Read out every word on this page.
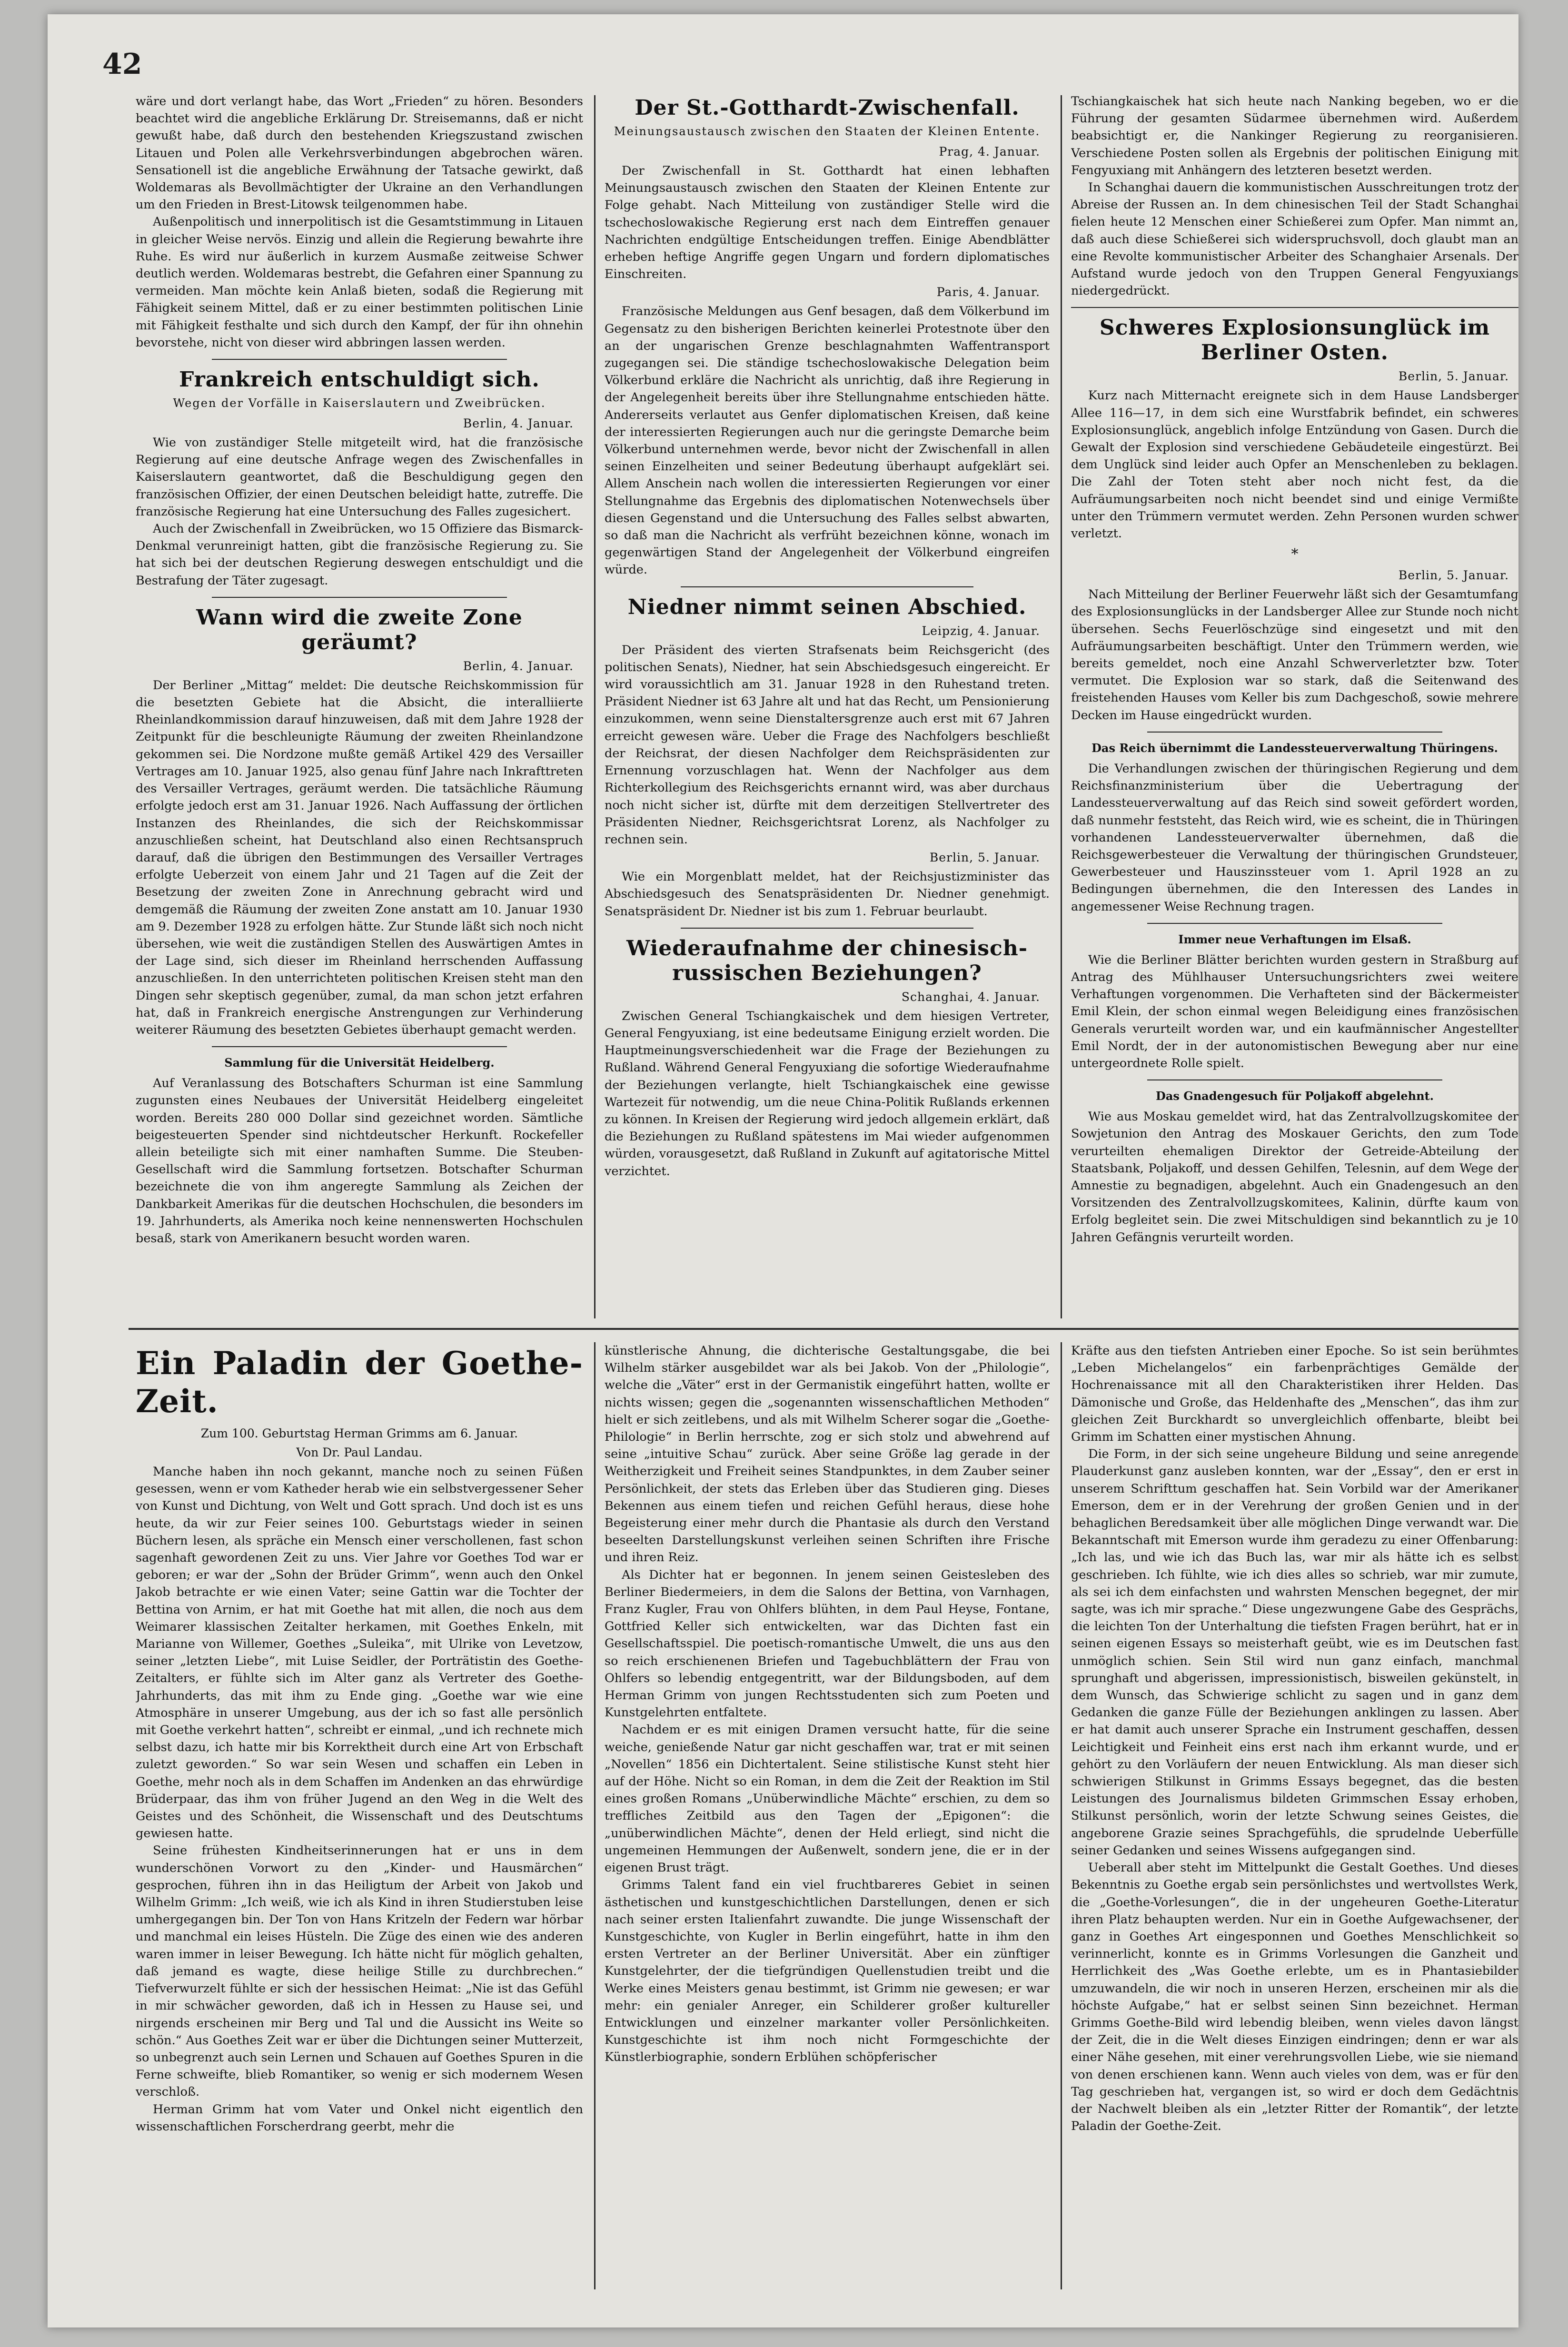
42

wäre und dort verlangt habe, das Wort „Frieden“ zu hören. Besonders beachtet wird die angebliche Erklärung Dr. Streisemanns, daß er nicht gewußt habe, daß durch den bestehenden Kriegszustand zwischen Litauen und Polen alle Verkehrsverbindungen abgebrochen wären. Sensationell ist die angebliche Erwähnung der Tatsache gewirkt, daß Woldemaras als Bevollmächtigter der Ukraine an den Verhandlungen um den Frieden in Brest-Litowsk teilgenommen habe.

Außenpolitisch und innerpolitisch ist die Gesamtstimmung in Litauen in gleicher Weise nervös. Einzig und allein die Regierung bewahrte ihre Ruhe. Es wird nur äußerlich in kurzem Ausmaße zeitweise Schwer deutlich werden. Woldemaras bestrebt, die Gefahren einer Spannung zu vermeiden. Man möchte kein Anlaß bieten, sodaß die Regierung mit Fähigkeit seinem Mittel, daß er zu einer bestimmten politischen Linie mit Fähigkeit festhalte und sich durch den Kampf, der für ihn ohnehin bevorstehe, nicht von dieser wird abbringen lassen werden.

Frankreich entschuldigt sich.
Wegen der Vorfälle in Kaiserslautern und Zweibrücken.
Berlin, 4. Januar.

Wie von zuständiger Stelle mitgeteilt wird, hat die französische Regierung auf eine deutsche Anfrage wegen des Zwischenfalles in Kaiserslautern geantwortet, daß die Beschuldigung gegen den französischen Offizier, der einen Deutschen beleidigt hatte, zutreffe. Die französische Regierung hat eine Untersuchung des Falles zugesichert.

Auch der Zwischenfall in Zweibrücken, wo 15 Offiziere das Bismarck-Denkmal verunreinigt hatten, gibt die französische Regierung zu. Sie hat sich bei der deutschen Regierung deswegen entschuldigt und die Bestrafung der Täter zugesagt.

Wann wird die zweite Zone geräumt?
Berlin, 4. Januar.

Der Berliner „Mittag“ meldet: Die deutsche Reichskommission für die besetzten Gebiete hat die Absicht, die interalliierte Rheinlandkommission darauf hinzuweisen, daß mit dem Jahre 1928 der Zeitpunkt für die beschleunigte Räumung der zweiten Rheinlandzone gekommen sei. Die Nordzone mußte gemäß Artikel 429 des Versailler Vertrages am 10. Januar 1925, also genau fünf Jahre nach Inkrafttreten des Versailler Vertrages, geräumt werden. Die tatsächliche Räumung erfolgte jedoch erst am 31. Januar 1926. Nach Auffassung der örtlichen Instanzen des Rheinlandes, die sich der Reichskommissar anzuschließen scheint, hat Deutschland also einen Rechtsanspruch darauf, daß die übrigen den Bestimmungen des Versailler Vertrages erfolgte Ueberzeit von einem Jahr und 21 Tagen auf die Zeit der Besetzung der zweiten Zone in Anrechnung gebracht wird und demgemäß die Räumung der zweiten Zone anstatt am 10. Januar 1930 am 9. Dezember 1928 zu erfolgen hätte. Zur Stunde läßt sich noch nicht übersehen, wie weit die zuständigen Stellen des Auswärtigen Amtes in der Lage sind, sich dieser im Rheinland herrschenden Auffassung anzuschließen. In den unterrichteten politischen Kreisen steht man den Dingen sehr skeptisch gegenüber, zumal, da man schon jetzt erfahren hat, daß in Frankreich energische Anstrengungen zur Verhinderung weiterer Räumung des besetzten Gebietes überhaupt gemacht werden.

Sammlung für die Universität Heidelberg.

Auf Veranlassung des Botschafters Schurman ist eine Sammlung zugunsten eines Neubaues der Universität Heidelberg eingeleitet worden. Bereits 280 000 Dollar sind gezeichnet worden. Sämtliche beigesteuerten Spender sind nichtdeutscher Herkunft. Rockefeller allein beteiligte sich mit einer namhaften Summe. Die Steuben-Gesellschaft wird die Sammlung fortsetzen. Botschafter Schurman bezeichnete die von ihm angeregte Sammlung als Zeichen der Dankbarkeit Amerikas für die deutschen Hochschulen, die besonders im 19. Jahrhunderts, als Amerika noch keine nennenswerten Hochschulen besaß, stark von Amerikanern besucht worden waren.

Der St.-Gotthardt-Zwischenfall.
Meinungsaustausch zwischen den Staaten der Kleinen Entente.
Prag, 4. Januar.

Der Zwischenfall in St. Gotthardt hat einen lebhaften Meinungsaustausch zwischen den Staaten der Kleinen Entente zur Folge gehabt. Nach Mitteilung von zuständiger Stelle wird die tschechoslowakische Regierung erst nach dem Eintreffen genauer Nachrichten endgültige Entscheidungen treffen. Einige Abendblätter erheben heftige Angriffe gegen Ungarn und fordern diplomatisches Einschreiten.

Paris, 4. Januar.

Französische Meldungen aus Genf besagen, daß dem Völkerbund im Gegensatz zu den bisherigen Berichten keinerlei Protestnote über den an der ungarischen Grenze beschlagnahmten Waffentransport zugegangen sei. Die ständige tschechoslowakische Delegation beim Völkerbund erkläre die Nachricht als unrichtig, daß ihre Regierung in der Angelegenheit bereits über ihre Stellungnahme entschieden hätte. Andererseits verlautet aus Genfer diplomatischen Kreisen, daß keine der interessierten Regierungen auch nur die geringste Demarche beim Völkerbund unternehmen werde, bevor nicht der Zwischenfall in allen seinen Einzelheiten und seiner Bedeutung überhaupt aufgeklärt sei. Allem Anschein nach wollen die interessierten Regierungen vor einer Stellungnahme das Ergebnis des diplomatischen Notenwechsels über diesen Gegenstand und die Untersuchung des Falles selbst abwarten, so daß man die Nachricht als verfrüht bezeichnen könne, wonach im gegenwärtigen Stand der Angelegenheit der Völkerbund eingreifen würde.

Niedner nimmt seinen Abschied.
Leipzig, 4. Januar.

Der Präsident des vierten Strafsenats beim Reichsgericht (des politischen Senats), Niedner, hat sein Abschiedsgesuch eingereicht. Er wird voraussichtlich am 31. Januar 1928 in den Ruhestand treten. Präsident Niedner ist 63 Jahre alt und hat das Recht, um Pensionierung einzukommen, wenn seine Dienstaltersgrenze auch erst mit 67 Jahren erreicht gewesen wäre. Ueber die Frage des Nachfolgers beschließt der Reichsrat, der diesen Nachfolger dem Reichspräsidenten zur Ernennung vorzuschlagen hat. Wenn der Nachfolger aus dem Richterkollegium des Reichsgerichts ernannt wird, was aber durchaus noch nicht sicher ist, dürfte mit dem derzeitigen Stellvertreter des Präsidenten Niedner, Reichsgerichtsrat Lorenz, als Nachfolger zu rechnen sein.

Berlin, 5. Januar.

Wie ein Morgenblatt meldet, hat der Reichsjustizminister das Abschiedsgesuch des Senatspräsidenten Dr. Niedner genehmigt. Senatspräsident Dr. Niedner ist bis zum 1. Februar beurlaubt.

Wiederaufnahme der chinesisch-russischen Beziehungen?
Schanghai, 4. Januar.

Zwischen General Tschiangkaischek und dem hiesigen Vertreter, General Fengyuxiang, ist eine bedeutsame Einigung erzielt worden. Die Hauptmeinungsverschiedenheit war die Frage der Beziehungen zu Rußland. Während General Fengyuxiang die sofortige Wiederaufnahme der Beziehungen verlangte, hielt Tschiangkaischek eine gewisse Wartezeit für notwendig, um die neue China-Politik Rußlands erkennen zu können. In Kreisen der Regierung wird jedoch allgemein erklärt, daß die Beziehungen zu Rußland spätestens im Mai wieder aufgenommen würden, vorausgesetzt, daß Rußland in Zukunft auf agitatorische Mittel verzichtet.

Tschiangkaischek hat sich heute nach Nanking begeben, wo er die Führung der gesamten Südarmee übernehmen wird. Außerdem beabsichtigt er, die Nankinger Regierung zu reorganisieren. Verschiedene Posten sollen als Ergebnis der politischen Einigung mit Fengyuxiang mit Anhängern des letzteren besetzt werden.

In Schanghai dauern die kommunistischen Ausschreitungen trotz der Abreise der Russen an. In dem chinesischen Teil der Stadt Schanghai fielen heute 12 Menschen einer Schießerei zum Opfer. Man nimmt an, daß auch diese Schießerei sich widerspruchsvoll, doch glaubt man an eine Revolte kommunistischer Arbeiter des Schanghaier Arsenals. Der Aufstand wurde jedoch von den Truppen General Fengyuxiangs niedergedrückt.

Schweres Explosionsunglück im Berliner Osten.
Berlin, 5. Januar.

Kurz nach Mitternacht ereignete sich in dem Hause Landsberger Allee 116—17, in dem sich eine Wurstfabrik befindet, ein schweres Explosionsunglück, angeblich infolge Entzündung von Gasen. Durch die Gewalt der Explosion sind verschiedene Gebäudeteile eingestürzt. Bei dem Unglück sind leider auch Opfer an Menschenleben zu beklagen. Die Zahl der Toten steht aber noch nicht fest, da die Aufräumungsarbeiten noch nicht beendet sind und einige Vermißte unter den Trümmern vermutet werden. Zehn Personen wurden schwer verletzt.

*
Berlin, 5. Januar.

Nach Mitteilung der Berliner Feuerwehr läßt sich der Gesamtumfang des Explosionsunglücks in der Landsberger Allee zur Stunde noch nicht übersehen. Sechs Feuerlöschzüge sind eingesetzt und mit den Aufräumungsarbeiten beschäftigt. Unter den Trümmern werden, wie bereits gemeldet, noch eine Anzahl Schwerverletzter bzw. Toter vermutet. Die Explosion war so stark, daß die Seitenwand des freistehenden Hauses vom Keller bis zum Dachgeschoß, sowie mehrere Decken im Hause eingedrückt wurden.

Das Reich übernimmt die Landessteuerverwaltung Thüringens.

Die Verhandlungen zwischen der thüringischen Regierung und dem Reichsfinanzministerium über die Uebertragung der Landessteuerverwaltung auf das Reich sind soweit gefördert worden, daß nunmehr feststeht, das Reich wird, wie es scheint, die in Thüringen vorhandenen Landessteuerverwalter übernehmen, daß die Reichsgewerbesteuer die Verwaltung der thüringischen Grundsteuer, Gewerbesteuer und Hauszinssteuer vom 1. April 1928 an zu Bedingungen übernehmen, die den Interessen des Landes in angemessener Weise Rechnung tragen.

Immer neue Verhaftungen im Elsaß.

Wie die Berliner Blätter berichten wurden gestern in Straßburg auf Antrag des Mühlhauser Untersuchungsrichters zwei weitere Verhaftungen vorgenommen. Die Verhafteten sind der Bäckermeister Emil Klein, der schon einmal wegen Beleidigung eines französischen Generals verurteilt worden war, und ein kaufmännischer Angestellter Emil Nordt, der in der autonomistischen Bewegung aber nur eine untergeordnete Rolle spielt.

Das Gnadengesuch für Poljakoff abgelehnt.

Wie aus Moskau gemeldet wird, hat das Zentralvollzugskomitee der Sowjetunion den Antrag des Moskauer Gerichts, den zum Tode verurteilten ehemaligen Direktor der Getreide-Abteilung der Staatsbank, Poljakoff, und dessen Gehilfen, Telesnin, auf dem Wege der Amnestie zu begnadigen, abgelehnt. Auch ein Gnadengesuch an den Vorsitzenden des Zentralvollzugskomitees, Kalinin, dürfte kaum von Erfolg begleitet sein. Die zwei Mitschuldigen sind bekanntlich zu je 10 Jahren Gefängnis verurteilt worden.

Ein Paladin der Goethe-Zeit.
Zum 100. Geburtstag Herman Grimms am 6. Januar.
Von Dr. Paul Landau.

Manche haben ihn noch gekannt, manche noch zu seinen Füßen gesessen, wenn er vom Katheder herab wie ein selbstvergessener Seher von Kunst und Dichtung, von Welt und Gott sprach. Und doch ist es uns heute, da wir zur Feier seines 100. Geburtstags wieder in seinen Büchern lesen, als spräche ein Mensch einer verschollenen, fast schon sagenhaft gewordenen Zeit zu uns. Vier Jahre vor Goethes Tod war er geboren; er war der „Sohn der Brüder Grimm“, wenn auch den Onkel Jakob betrachte er wie einen Vater; seine Gattin war die Tochter der Bettina von Arnim, er hat mit Goethe hat mit allen, die noch aus dem Weimarer klassischen Zeitalter herkamen, mit Goethes Enkeln, mit Marianne von Willemer, Goethes „Suleika“, mit Ulrike von Levetzow, seiner „letzten Liebe“, mit Luise Seidler, der Porträtistin des Goethe-Zeitalters, er fühlte sich im Alter ganz als Vertreter des Goethe-Jahrhunderts, das mit ihm zu Ende ging. „Goethe war wie eine Atmosphäre in unserer Umgebung, aus der ich so fast alle persönlich mit Goethe verkehrt hatten“, schreibt er einmal, „und ich rechnete mich selbst dazu, ich hatte mir bis Korrektheit durch eine Art von Erbschaft zuletzt geworden.“ So war sein Wesen und schaffen ein Leben in Goethe, mehr noch als in dem Schaffen im Andenken an das ehrwürdige Brüderpaar, das ihm von früher Jugend an den Weg in die Welt des Geistes und des Schönheit, die Wissenschaft und des Deutschtums gewiesen hatte.

Seine frühesten Kindheitserinnerungen hat er uns in dem wunderschönen Vorwort zu den „Kinder- und Hausmärchen“ gesprochen, führen ihn in das Heiligtum der Arbeit von Jakob und Wilhelm Grimm: „Ich weiß, wie ich als Kind in ihren Studierstuben leise umhergegangen bin. Der Ton von Hans Kritzeln der Federn war hörbar und manchmal ein leises Hüsteln. Die Züge des einen wie des anderen waren immer in leiser Bewegung. Ich hätte nicht für möglich gehalten, daß jemand es wagte, diese heilige Stille zu durchbrechen.“ Tiefverwurzelt fühlte er sich der hessischen Heimat: „Nie ist das Gefühl in mir schwächer geworden, daß ich in Hessen zu Hause sei, und nirgends erscheinen mir Berg und Tal und die Aussicht ins Weite so schön.“ Aus Goethes Zeit war er über die Dichtungen seiner Mutterzeit, so unbegrenzt auch sein Lernen und Schauen auf Goethes Spuren in die Ferne schweifte, blieb Romantiker, so wenig er sich modernem Wesen verschloß.

Herman Grimm hat vom Vater und Onkel nicht eigentlich den wissenschaftlichen Forscherdrang geerbt, mehr die

künstlerische Ahnung, die dichterische Gestaltungsgabe, die bei Wilhelm stärker ausgebildet war als bei Jakob. Von der „Philologie“, welche die „Väter“ erst in der Germanistik eingeführt hatten, wollte er nichts wissen; gegen die „sogenannten wissenschaftlichen Methoden“ hielt er sich zeitlebens, und als mit Wilhelm Scherer sogar die „Goethe-Philologie“ in Berlin herrschte, zog er sich stolz und abwehrend auf seine „intuitive Schau“ zurück. Aber seine Größe lag gerade in der Weitherzigkeit und Freiheit seines Standpunktes, in dem Zauber seiner Persönlichkeit, der stets das Erleben über das Studieren ging. Dieses Bekennen aus einem tiefen und reichen Gefühl heraus, diese hohe Begeisterung einer mehr durch die Phantasie als durch den Verstand beseelten Darstellungskunst verleihen seinen Schriften ihre Frische und ihren Reiz.

Als Dichter hat er begonnen. In jenem seinen Geistesleben des Berliner Biedermeiers, in dem die Salons der Bettina, von Varnhagen, Franz Kugler, Frau von Ohlfers blühten, in dem Paul Heyse, Fontane, Gottfried Keller sich entwickelten, war das Dichten fast ein Gesellschaftsspiel. Die poetisch-romantische Umwelt, die uns aus den so reich erschienenen Briefen und Tagebuchblättern der Frau von Ohlfers so lebendig entgegentritt, war der Bildungsboden, auf dem Herman Grimm von jungen Rechtsstudenten sich zum Poeten und Kunstgelehrten entfaltete.

Nachdem er es mit einigen Dramen versucht hatte, für die seine weiche, genießende Natur gar nicht geschaffen war, trat er mit seinen „Novellen“ 1856 ein Dichtertalent. Seine stilistische Kunst steht hier auf der Höhe. Nicht so ein Roman, in dem die Zeit der Reaktion im Stil eines großen Romans „Unüberwindliche Mächte“ erschien, zu dem so treffliches Zeitbild aus den Tagen der „Epigonen“: die „unüberwindlichen Mächte“, denen der Held erliegt, sind nicht die ungemeinen Hemmungen der Außenwelt, sondern jene, die er in der eigenen Brust trägt.

Grimms Talent fand ein viel fruchtbareres Gebiet in seinen ästhetischen und kunstgeschichtlichen Darstellungen, denen er sich nach seiner ersten Italienfahrt zuwandte. Die junge Wissenschaft der Kunstgeschichte, von Kugler in Berlin eingeführt, hatte in ihm den ersten Vertreter an der Berliner Universität. Aber ein zünftiger Kunstgelehrter, der die tiefgründigen Quellenstudien treibt und die Werke eines Meisters genau bestimmt, ist Grimm nie gewesen; er war mehr: ein genialer Anreger, ein Schilderer großer kultureller Entwicklungen und einzelner markanter voller Persönlichkeiten. Kunstgeschichte ist ihm noch nicht Formgeschichte der Künstlerbiographie, sondern Erblühen schöpferischer

Kräfte aus den tiefsten Antrieben einer Epoche. So ist sein berühmtes „Leben Michelangelos“ ein farbenprächtiges Gemälde der Hochrenaissance mit all den Charakteristiken ihrer Helden. Das Dämonische und Große, das Heldenhafte des „Menschen“, das ihm zur gleichen Zeit Burckhardt so unvergleichlich offenbarte, bleibt bei Grimm im Schatten einer mystischen Ahnung.

Die Form, in der sich seine ungeheure Bildung und seine anregende Plauderkunst ganz ausleben konnten, war der „Essay“, den er erst in unserem Schrifttum geschaffen hat. Sein Vorbild war der Amerikaner Emerson, dem er in der Verehrung der großen Genien und in der behaglichen Beredsamkeit über alle möglichen Dinge verwandt war. Die Bekanntschaft mit Emerson wurde ihm geradezu zu einer Offenbarung: „Ich las, und wie ich das Buch las, war mir als hätte ich es selbst geschrieben. Ich fühlte, wie ich dies alles so schrieb, war mir zumute, als sei ich dem einfachsten und wahrsten Menschen begegnet, der mir sagte, was ich mir sprache.“ Diese ungezwungene Gabe des Gesprächs, die leichten Ton der Unterhaltung die tiefsten Fragen berührt, hat er in seinen eigenen Essays so meisterhaft geübt, wie es im Deutschen fast unmöglich schien. Sein Stil wird nun ganz einfach, manchmal sprunghaft und abgerissen, impressionistisch, bisweilen gekünstelt, in dem Wunsch, das Schwierige schlicht zu sagen und in ganz dem Gedanken die ganze Fülle der Beziehungen anklingen zu lassen. Aber er hat damit auch unserer Sprache ein Instrument geschaffen, dessen Leichtigkeit und Feinheit eins erst nach ihm erkannt wurde, und er gehört zu den Vorläufern der neuen Entwicklung. Als man dieser sich schwierigen Stilkunst in Grimms Essays begegnet, das die besten Leistungen des Journalismus bildeten Grimmschen Essay erhoben, Stilkunst persönlich, worin der letzte Schwung seines Geistes, die angeborene Grazie seines Sprachgefühls, die sprudelnde Ueberfülle seiner Gedanken und seines Wissens aufgegangen sind.

Ueberall aber steht im Mittelpunkt die Gestalt Goethes. Und dieses Bekenntnis zu Goethe ergab sein persönlichstes und wertvollstes Werk, die „Goethe-Vorlesungen“, die in der ungeheuren Goethe-Literatur ihren Platz behaupten werden. Nur ein in Goethe Aufgewachsener, der ganz in Goethes Art eingesponnen und Goethes Menschlichkeit so verinnerlicht, konnte es in Grimms Vorlesungen die Ganzheit und Herrlichkeit des „Was Goethe erlebte, um es in Phantasiebilder umzuwandeln, die wir noch in unseren Herzen, erscheinen mir als die höchste Aufgabe,“ hat er selbst seinen Sinn bezeichnet. Herman Grimms Goethe-Bild wird lebendig bleiben, wenn vieles davon längst der Zeit, die in die Welt dieses Einzigen eindringen; denn er war als einer Nähe gesehen, mit einer verehrungsvollen Liebe, wie sie niemand von denen erschienen kann. Wenn auch vieles von dem, was er für den Tag geschrieben hat, vergangen ist, so wird er doch dem Gedächtnis der Nachwelt bleiben als ein „letzter Ritter der Romantik“, der letzte Paladin der Goethe-Zeit.
